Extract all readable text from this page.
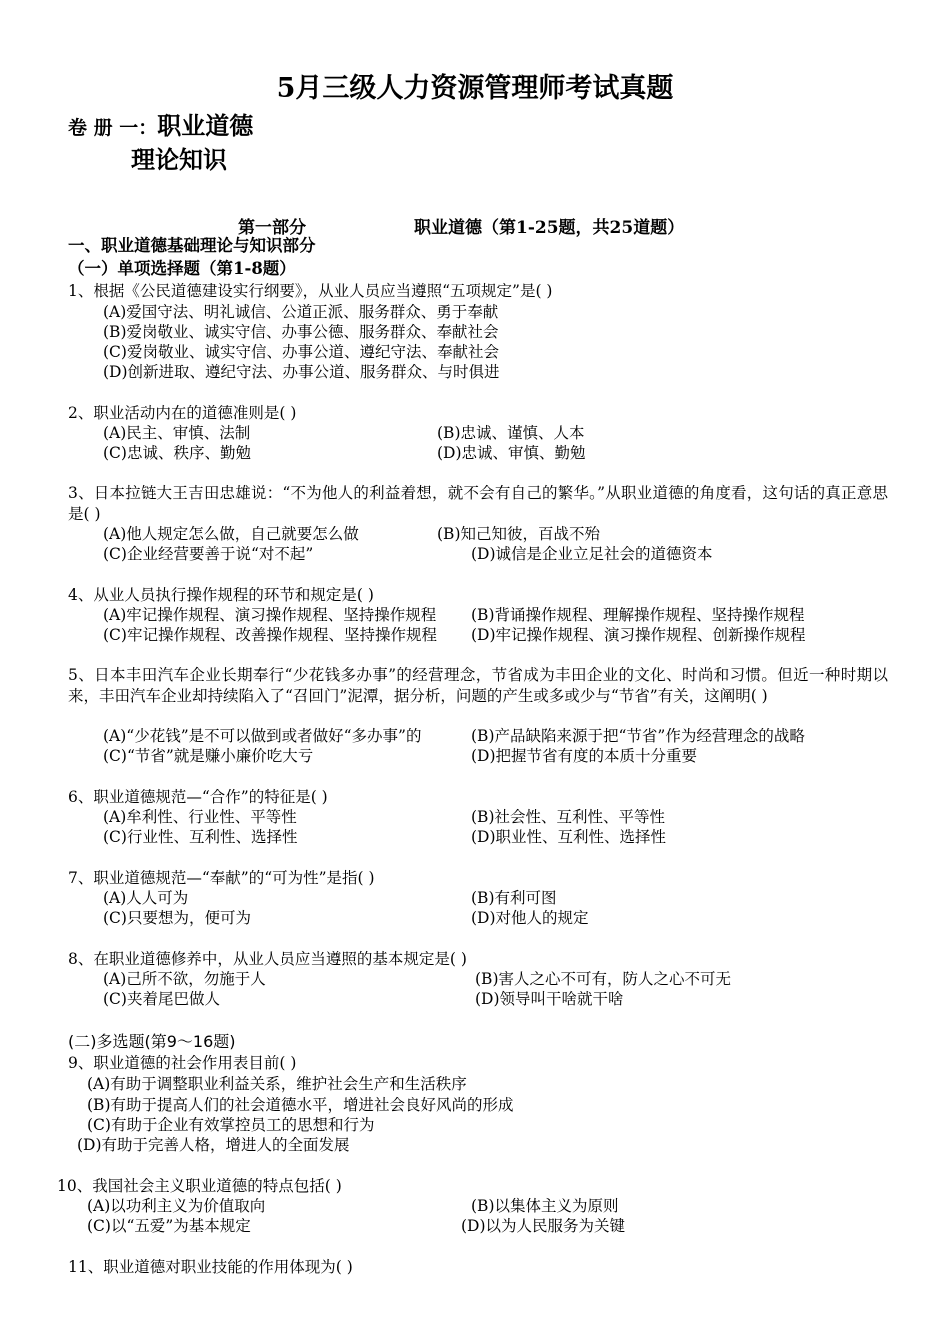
5月三级人力资源管理师考试真题
卷 册 一：职业道德
理论知识
第一部分	职业道德（第1-25题，共25道题）
一、职业道德基础理论与知识部分
（一）单项选择题（第1-8题）
1、根据《公民道德建设实行纲要》，从业人员应当遵照“五项规定”是( )
(A)爱国守法、明礼诚信、公道正派、服务群众、勇于奉献
(B)爱岗敬业、诚实守信、办事公德、服务群众、奉献社会
(C)爱岗敬业、诚实守信、办事公道、遵纪守法、奉献社会
(D)创新进取、遵纪守法、办事公道、服务群众、与时俱进
2、职业活动内在的道德准则是( )
(A)民主、审慎、法制	(B)忠诚、谨慎、人本
(C)忠诚、秩序、勤勉	(D)忠诚、审慎、勤勉
3、日本拉链大王吉田忠雄说：“不为他人的利益着想，就不会有自己的繁华。”从职业道德的角度看，这句话的真正意思是( )
(A)他人规定怎么做，自己就要怎么做	(B)知己知彼，百战不殆
(C)企业经营要善于说“对不起”	(D)诚信是企业立足社会的道德资本
4、从业人员执行操作规程的环节和规定是( )
(A)牢记操作规程、演习操作规程、坚持操作规程 (B)背诵操作规程、理解操作规程、坚持操作规程
(C)牢记操作规程、改善操作规程、坚持操作规程 (D)牢记操作规程、演习操作规程、创新操作规程
5、日本丰田汽车企业长期奉行“少花钱多办事”的经营理念，节省成为丰田企业的文化、时尚和习惯。但近一种时期以来，丰田汽车企业却持续陷入了“召回门”泥潭，据分析，问题的产生或多或少与“节省”有关，这阐明( )
(A)“少花钱”是不可以做到或者做好“多办事”的	(B)产品缺陷来源于把“节省”作为经营理念的战略
(C)“节省”就是赚小廉价吃大亏	(D)把握节省有度的本质十分重要
6、职业道德规范—“合作”的特征是( )
(A)牟利性、行业性、平等性	(B)社会性、互利性、平等性
(C)行业性、互利性、选择性	(D)职业性、互利性、选择性
7、职业道德规范—“奉献”的“可为性”是指( )
(A)人人可为	(B)有利可图
(C)只要想为，便可为	(D)对他人的规定
8、在职业道德修养中，从业人员应当遵照的基本规定是( )
(A)己所不欲，勿施于人	(B)害人之心不可有，防人之心不可无
(C)夹着尾巴做人	(D)领导叫干啥就干啥
(二)多选题(第9～16题)
9、职业道德的社会作用表目前( )
(A)有助于调整职业利益关系，维护社会生产和生活秩序
(B)有助于提高人们的社会道德水平，增进社会良好风尚的形成
(C)有助于企业有效掌控员工的思想和行为
(D)有助于完善人格，增进人的全面发展
10、我国社会主义职业道德的特点包括( )
(A)以功利主义为价值取向	(B)以集体主义为原则
(C)以“五爱”为基本规定	(D)以为人民服务为关键
11、职业道德对职业技能的作用体现为( )
